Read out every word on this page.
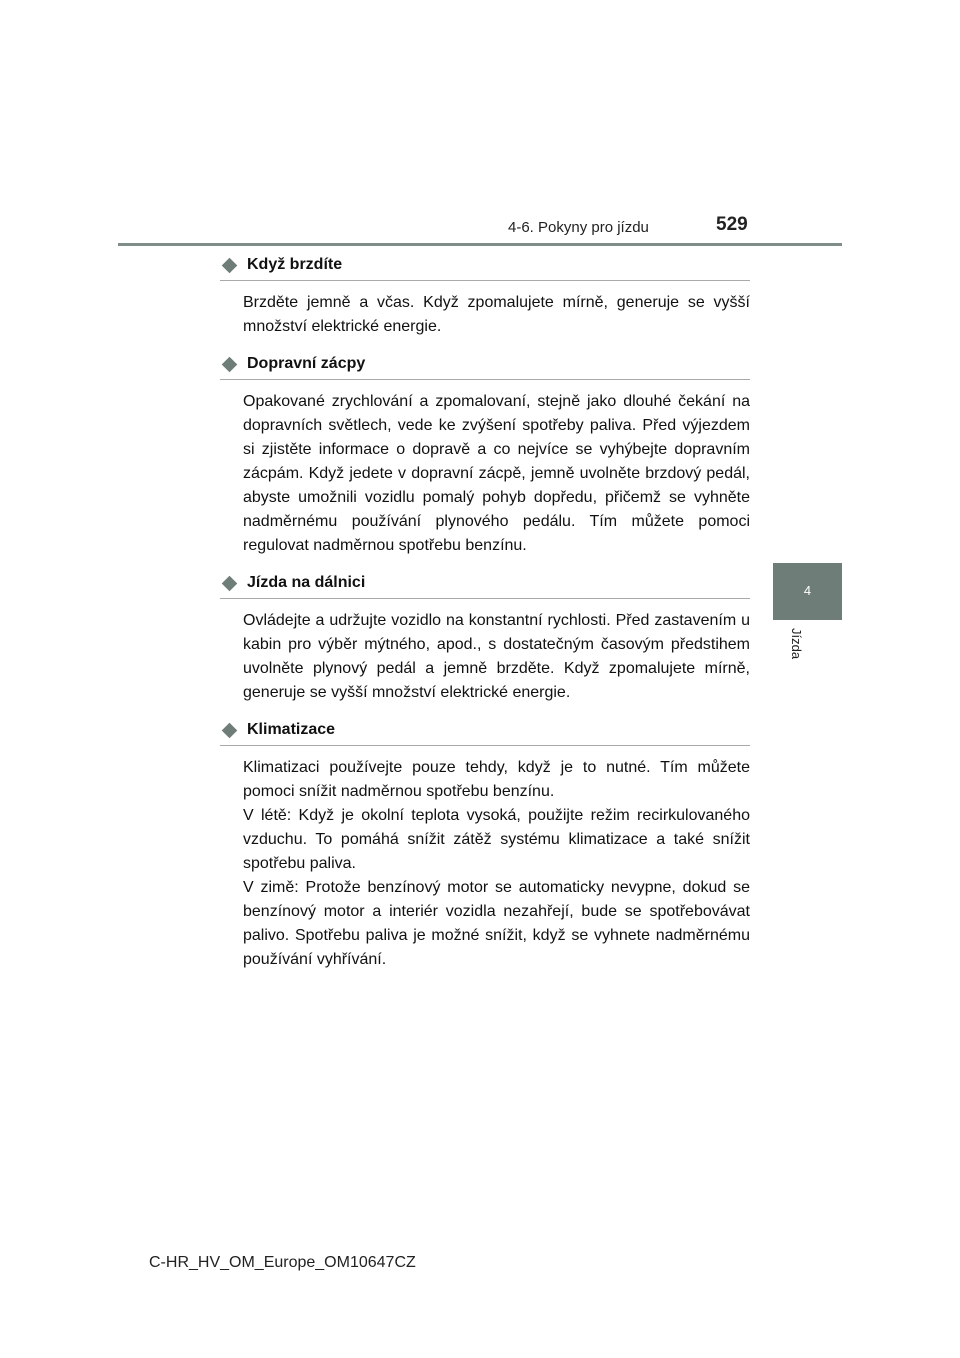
4-6. Pokyny pro jízdu	529
4
Jízda
Když brzdíte

Brzděte jemně a včas. Když zpomalujete mírně, generuje se vyšší množství elektrické energie.

Dopravní zácpy

Opakované zrychlování a zpomalovaní, stejně jako dlouhé čekání na dopravních světlech, vede ke zvýšení spotřeby paliva. Před výjezdem si zjistěte informace o dopravě a co nejvíce se vyhýbejte dopravním zácpám. Když jedete v dopravní zácpě, jemně uvolněte brzdový pedál, abyste umožnili vozidlu pomalý pohyb dopředu, přičemž se vyhněte nadměrnému používání plynového pedálu. Tím můžete pomoci regulovat nadměrnou spotřebu benzínu.

Jízda na dálnici

Ovládejte a udržujte vozidlo na konstantní rychlosti. Před zastavením u kabin pro výběr mýtného, apod., s dostatečným časovým předstihem uvolněte plynový pedál a jemně brzděte. Když zpomalujete mírně, generuje se vyšší množství elektrické energie.

Klimatizace

Klimatizaci používejte pouze tehdy, když je to nutné. Tím můžete pomoci snížit nadměrnou spotřebu benzínu.

V létě: Když je okolní teplota vysoká, použijte režim recirkulovaného vzduchu. To pomáhá snížit zátěž systému klimatizace a také snížit spotřebu paliva.

V zimě: Protože benzínový motor se automaticky nevypne, dokud se benzínový motor a interiér vozidla nezahřejí, bude se spotřebovávat palivo. Spotřebu paliva je možné snížit, když se vyhnete nadměrnému používání vyhřívání.

C-HR_HV_OM_Europe_OM10647CZ
